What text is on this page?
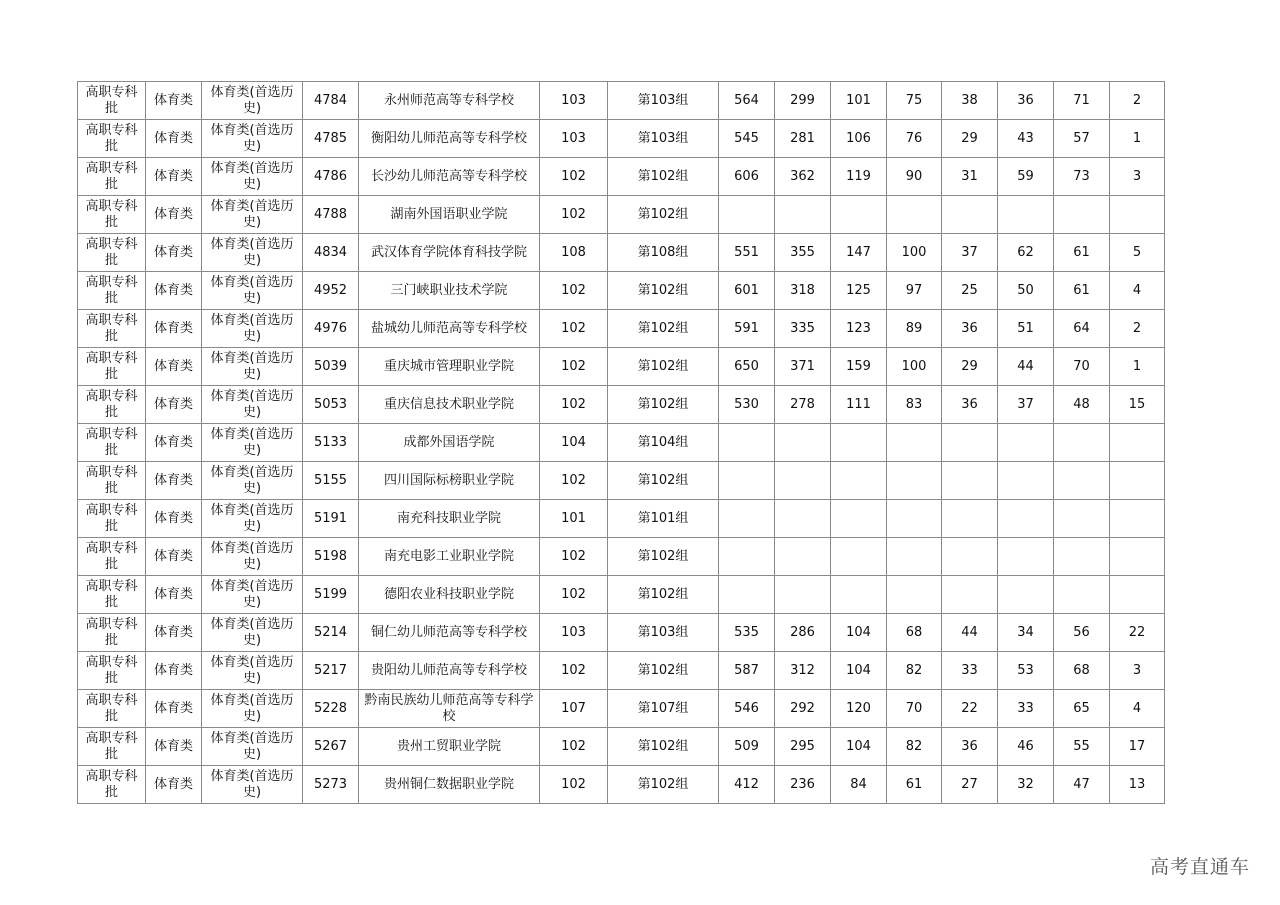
高职专科批	体育类	体育类(首选历史)	4784	永州师范高等专科学校	103	第103组	564	299	101	75	38	36	71	2
高职专科批	体育类	体育类(首选历史)	4785	衡阳幼儿师范高等专科学校	103	第103组	545	281	106	76	29	43	57	1
高职专科批	体育类	体育类(首选历史)	4786	长沙幼儿师范高等专科学校	102	第102组	606	362	119	90	31	59	73	3
高职专科批	体育类	体育类(首选历史)	4788	湖南外国语职业学院	102	第102组								
高职专科批	体育类	体育类(首选历史)	4834	武汉体育学院体育科技学院	108	第108组	551	355	147	100	37	62	61	5
高职专科批	体育类	体育类(首选历史)	4952	三门峡职业技术学院	102	第102组	601	318	125	97	25	50	61	4
高职专科批	体育类	体育类(首选历史)	4976	盐城幼儿师范高等专科学校	102	第102组	591	335	123	89	36	51	64	2
高职专科批	体育类	体育类(首选历史)	5039	重庆城市管理职业学院	102	第102组	650	371	159	100	29	44	70	1
高职专科批	体育类	体育类(首选历史)	5053	重庆信息技术职业学院	102	第102组	530	278	111	83	36	37	48	15
高职专科批	体育类	体育类(首选历史)	5133	成都外国语学院	104	第104组								
高职专科批	体育类	体育类(首选历史)	5155	四川国际标榜职业学院	102	第102组								
高职专科批	体育类	体育类(首选历史)	5191	南充科技职业学院	101	第101组								
高职专科批	体育类	体育类(首选历史)	5198	南充电影工业职业学院	102	第102组								
高职专科批	体育类	体育类(首选历史)	5199	德阳农业科技职业学院	102	第102组								
高职专科批	体育类	体育类(首选历史)	5214	铜仁幼儿师范高等专科学校	103	第103组	535	286	104	68	44	34	56	22
高职专科批	体育类	体育类(首选历史)	5217	贵阳幼儿师范高等专科学校	102	第102组	587	312	104	82	33	53	68	3
高职专科批	体育类	体育类(首选历史)	5228	黔南民族幼儿师范高等专科学校	107	第107组	546	292	120	70	22	33	65	4
高职专科批	体育类	体育类(首选历史)	5267	贵州工贸职业学院	102	第102组	509	295	104	82	36	46	55	17
高职专科批	体育类	体育类(首选历史)	5273	贵州铜仁数据职业学院	102	第102组	412	236	84	61	27	32	47	13
高考直通车
